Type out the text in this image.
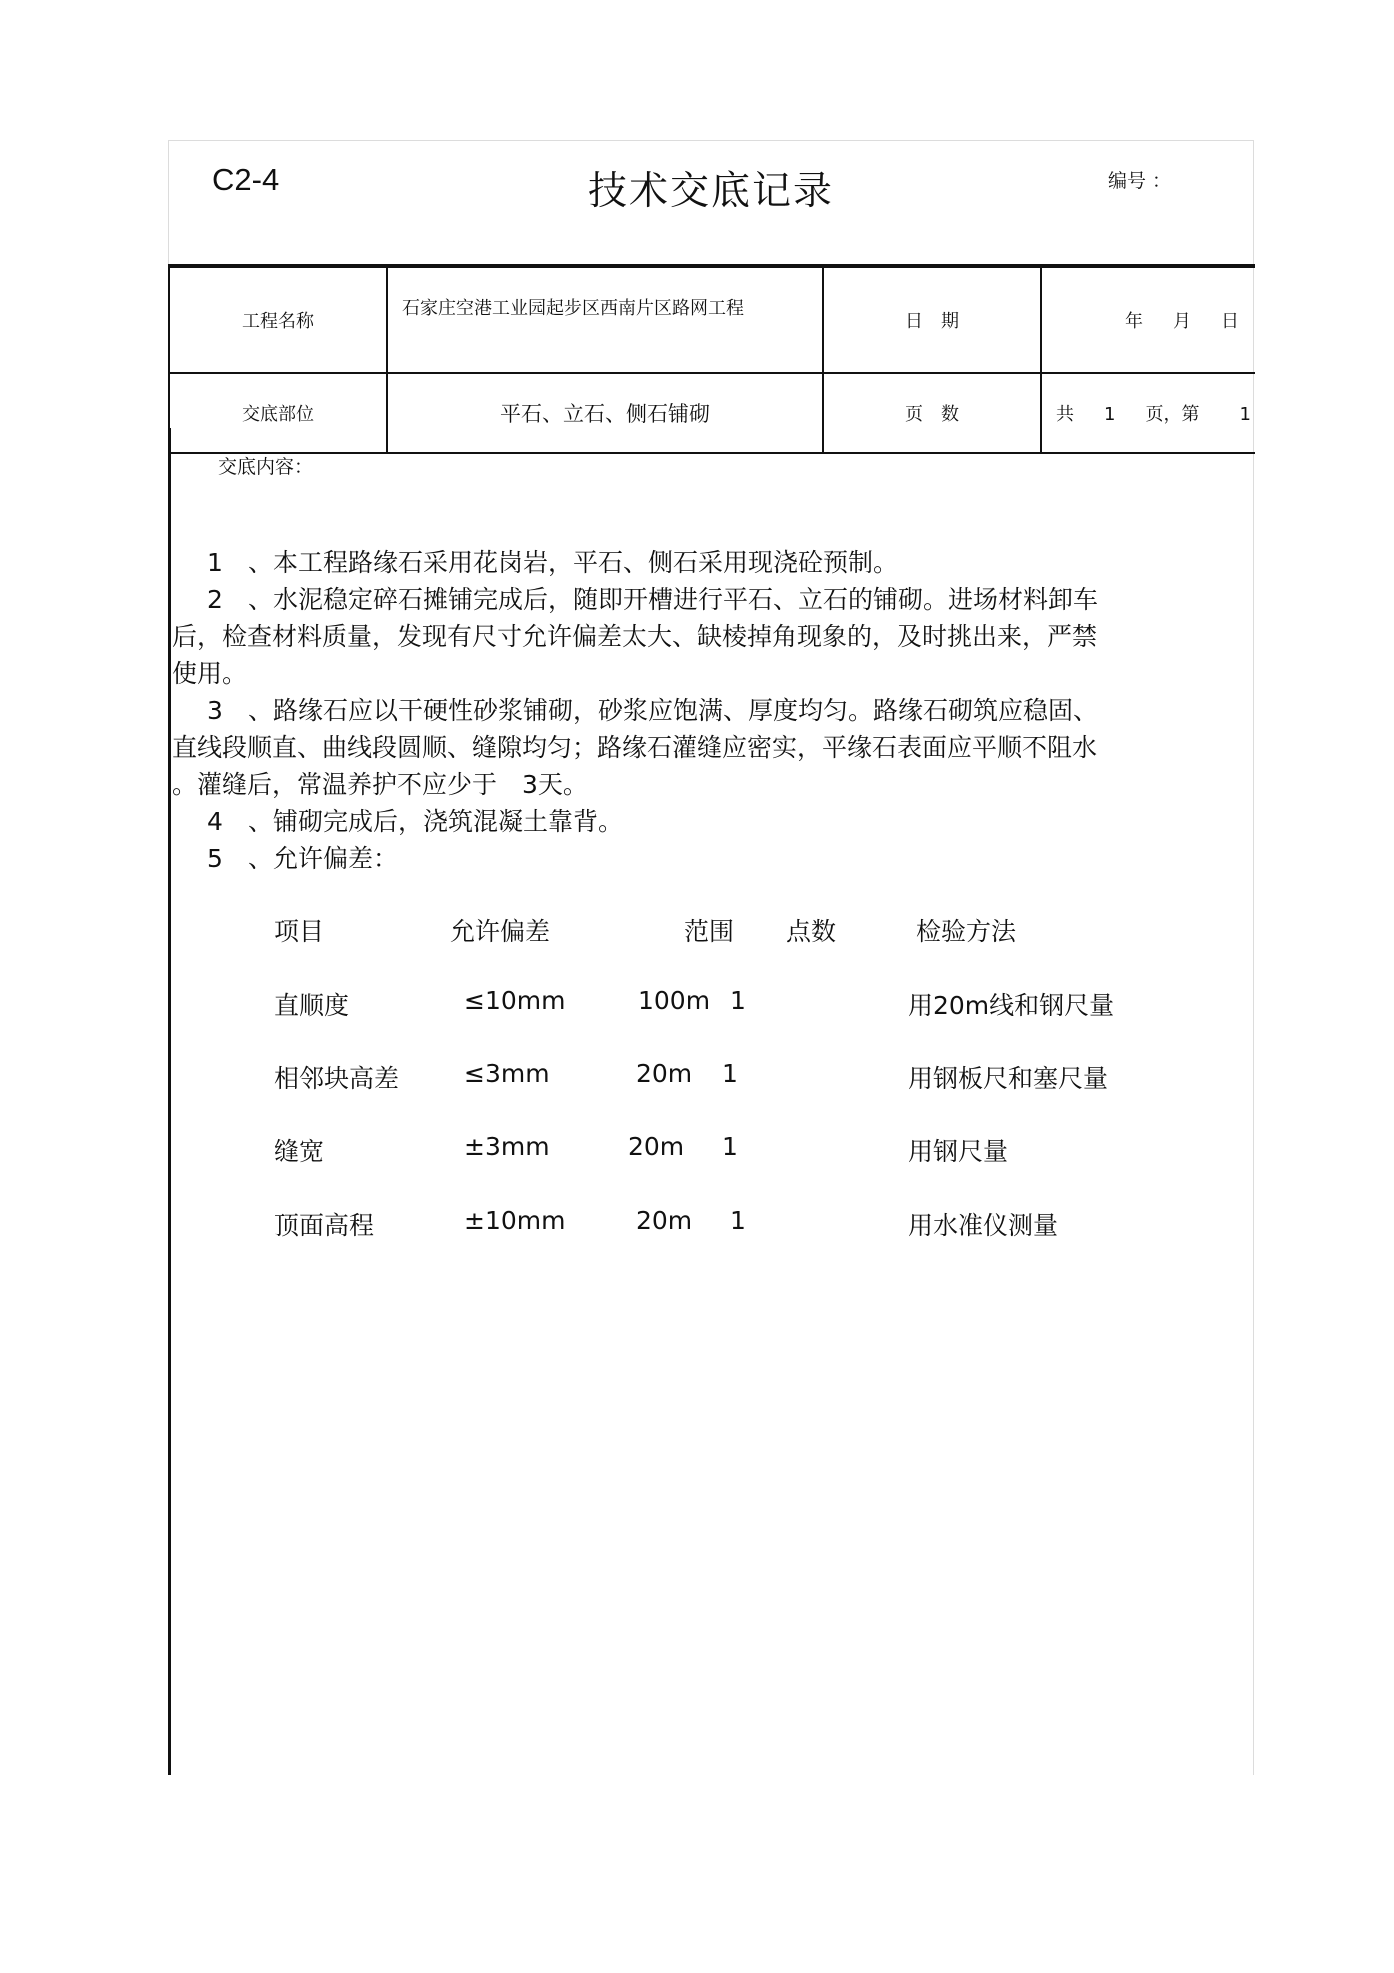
C2-4	技术交底记录	编号 ：
工程名称	石家庄空港工业园起步区西南片区路网工程	日　期	年 月 日
交底部位	平石、立石、侧石铺砌	页　数	共 1 页，第 1
交底内容：
1 、本工程路缘石采用花岗岩，平石、侧石采用现浇砼预制。
2 、水泥稳定碎石摊铺完成后，随即开槽进行平石、立石的铺砌。进场材料卸车
后，检查材料质量，发现有尺寸允许偏差太大、缺棱掉角现象的，及时挑出来，严禁
使用。
3 、路缘石应以干硬性砂浆铺砌，砂浆应饱满、厚度均匀。路缘石砌筑应稳固、
直线段顺直、曲线段圆顺、缝隙均匀；路缘石灌缝应密实，平缘石表面应平顺不阻水
。灌缝后，常温养护不应少于　3天。
4 、铺砌完成后，浇筑混凝土靠背。
5 、允许偏差：
项目	允许偏差	范围 点数	检验方法
直顺度	≤10mm	100m 1	用20m线和钢尺量
相邻块高差	≤3mm	20m 1	用钢板尺和塞尺量
缝宽	±3mm	20m 1	用钢尺量
顶面高程	±10mm	20m 1	用水准仪测量
